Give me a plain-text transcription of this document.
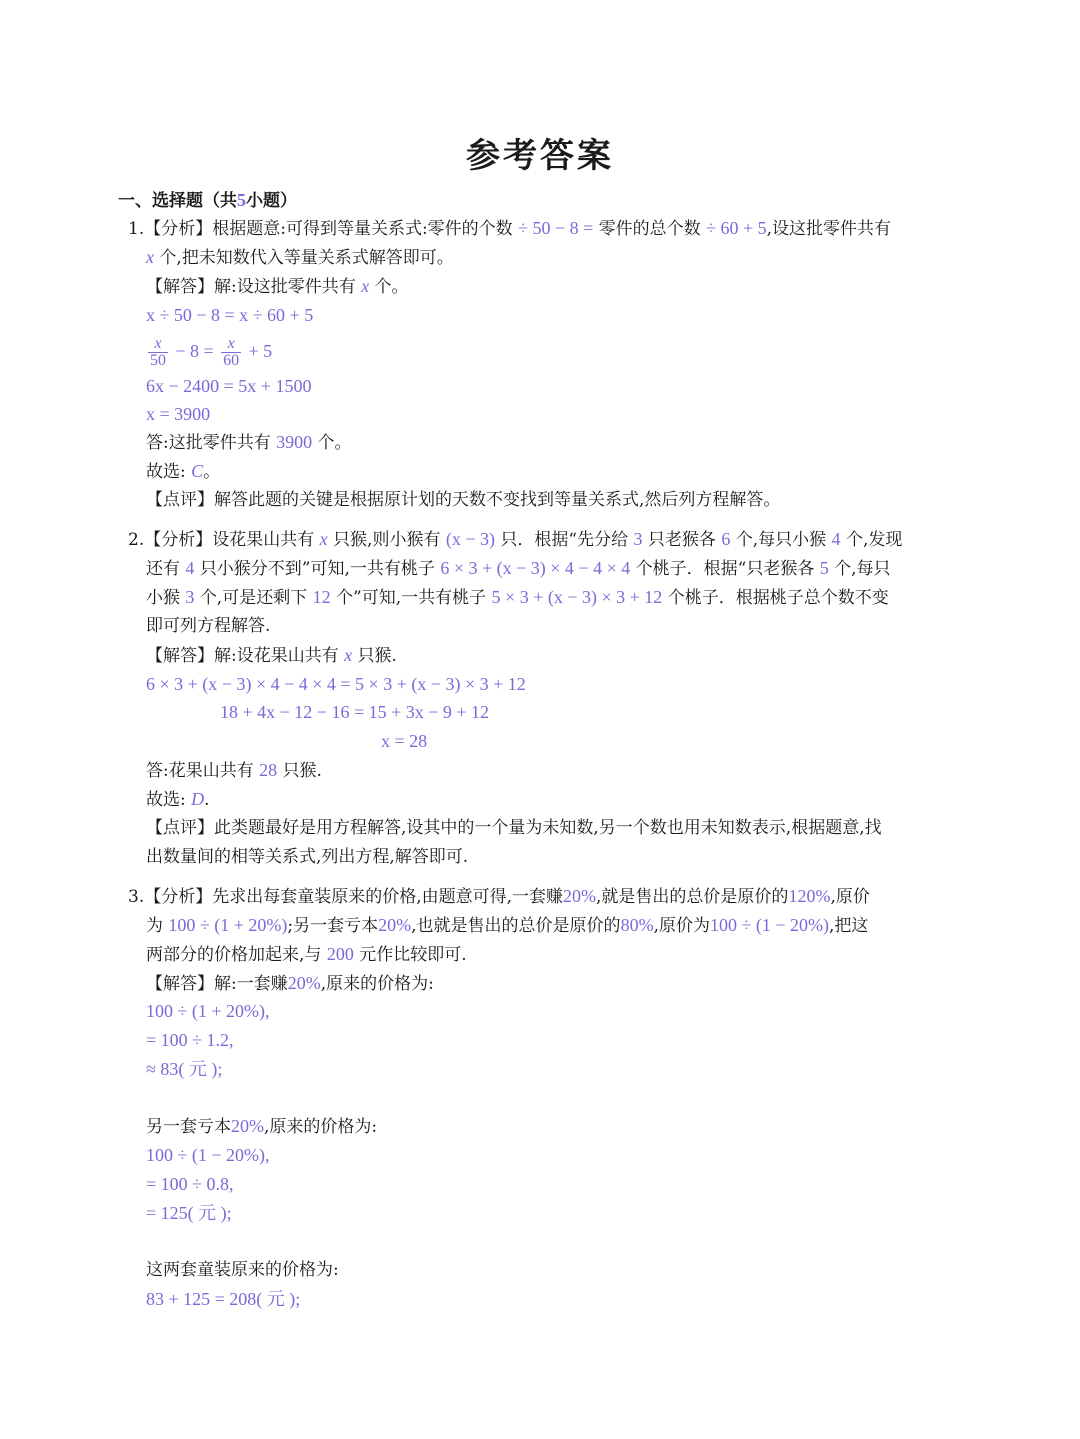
参考答案
一、选择题（共5小题）
1.【分析】根据题意:可得到等量关系式:零件的个数 ÷ 50 − 8 = 零件的总个数 ÷ 60 + 5,设这批零件共有
x 个,把未知数代入等量关系式解答即可。
【解答】解:设这批零件共有 x 个。
x ÷ 50 − 8 = x ÷ 60 + 5
$\frac{x}{50} - 8 = \frac{x}{60} + 5$
6x − 2400 = 5x + 1500
x = 3900
答:这批零件共有 3900 个。
故选: C。
【点评】解答此题的关键是根据原计划的天数不变找到等量关系式,然后列方程解答。
2.【分析】设花果山共有 x 只猴,则小猴有 (x − 3) 只．根据“先分给 3 只老猴各 6 个,每只小猴 4 个,发现
还有 4 只小猴分不到”可知,一共有桃子 6 × 3 + (x − 3) × 4 − 4 × 4 个桃子．根据“只老猴各 5 个,每只
小猴 3 个,可是还剩下 12 个”可知,一共有桃子 5 × 3 + (x − 3) × 3 + 12 个桃子．根据桃子总个数不变
即可列方程解答.
【解答】解:设花果山共有 x 只猴.
6 × 3 + (x − 3) × 4 − 4 × 4 = 5 × 3 + (x − 3) × 3 + 12
18 + 4x − 12 − 16 = 15 + 3x − 9 + 12
x = 28
答:花果山共有 28 只猴.
故选: D.
【点评】此类题最好是用方程解答,设其中的一个量为未知数,另一个数也用未知数表示,根据题意,找
出数量间的相等关系式,列出方程,解答即可.
3.【分析】先求出每套童装原来的价格,由题意可得,一套赚20%,就是售出的总价是原价的120%,原价
为 100 ÷ (1 + 20%);另一套亏本20%,也就是售出的总价是原价的80%,原价为100 ÷ (1 − 20%),把这
两部分的价格加起来,与 200 元作比较即可.
【解答】解:一套赚20%,原来的价格为:
100 ÷ (1 + 20%),
= 100 ÷ 1.2,
≈ 83( 元 );
另一套亏本20%,原来的价格为:
100 ÷ (1 − 20%),
= 100 ÷ 0.8,
= 125( 元 );
这两套童装原来的价格为:
83 + 125 = 208( 元 );
